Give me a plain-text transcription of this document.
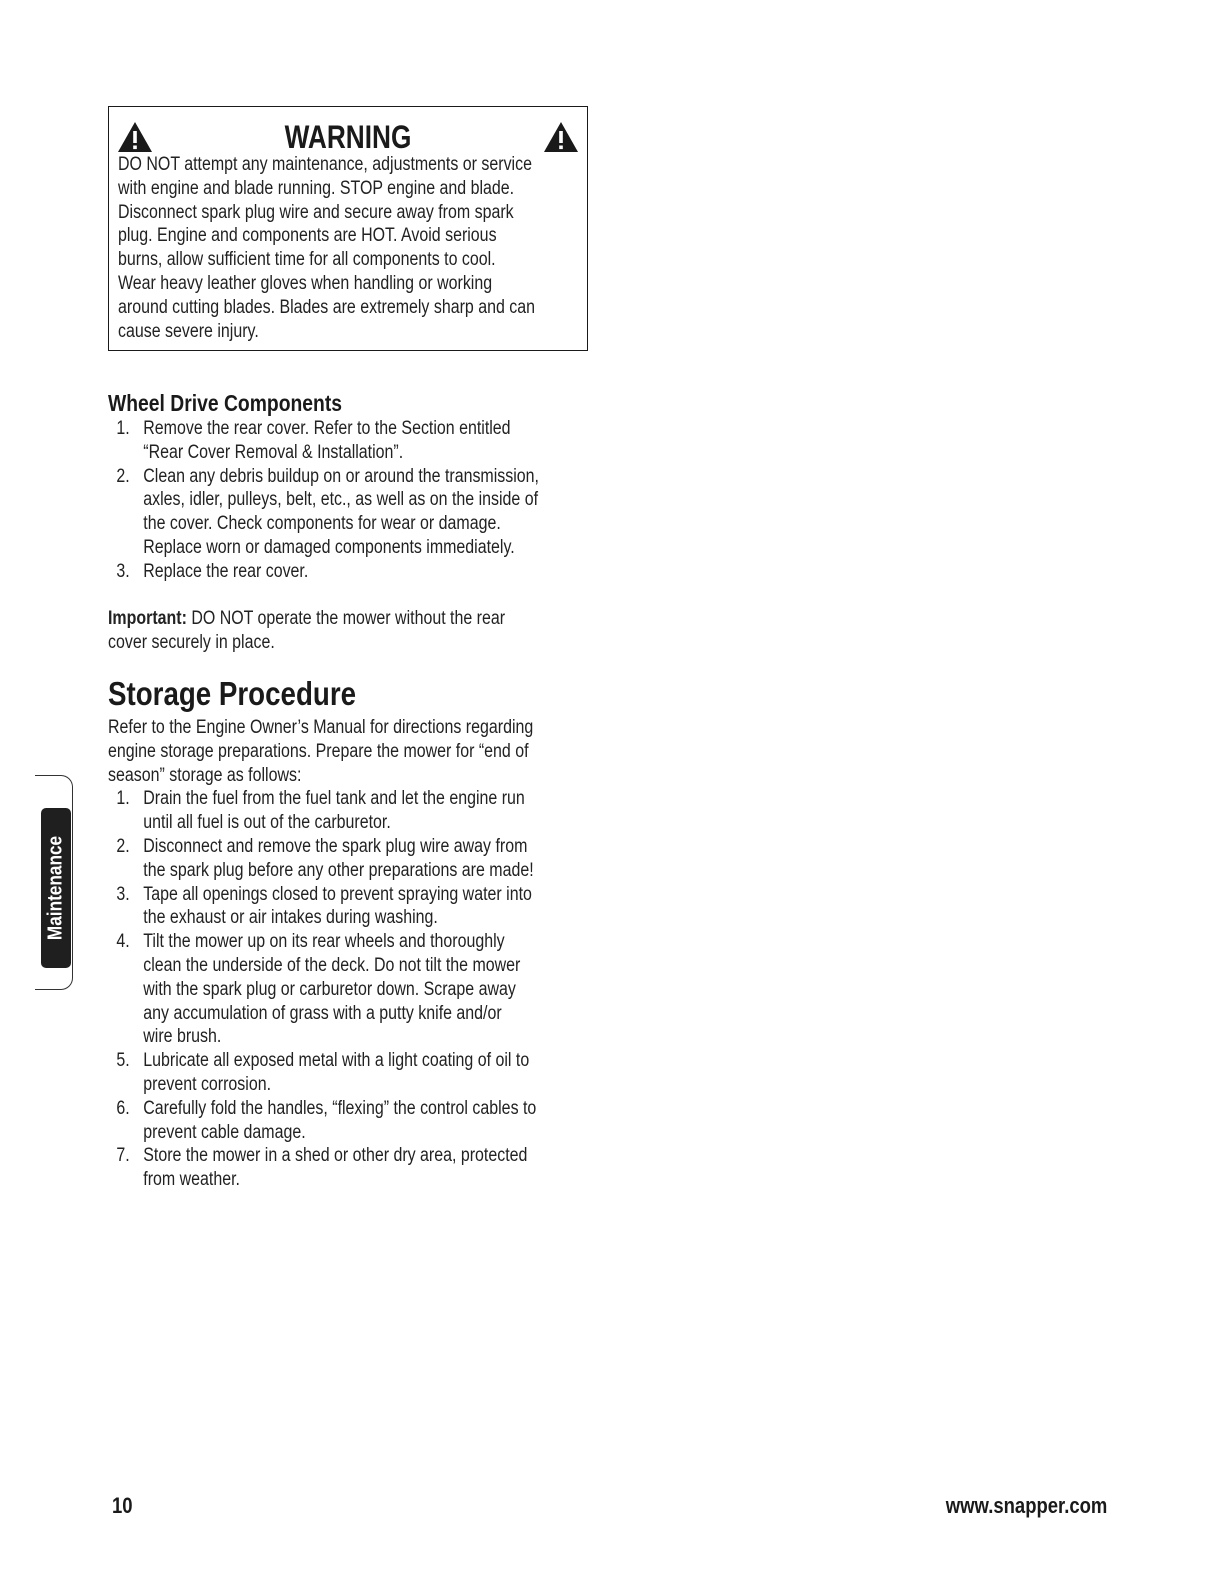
WARNING
DO NOT attempt any maintenance, adjustments or service
with engine and blade running. STOP engine and blade.
Disconnect spark plug wire and secure away from spark
plug. Engine and components are HOT. Avoid serious
burns, allow sufficient time for all components to cool.
Wear heavy leather gloves when handling or working
around cutting blades. Blades are extremely sharp and can
cause severe injury.
Wheel Drive Components
1. Remove the rear cover. Refer to the Section entitled
“Rear Cover Removal & Installation”.
2. Clean any debris buildup on or around the transmission,
axles, idler, pulleys, belt, etc., as well as on the inside of
the cover. Check components for wear or damage.
Replace worn or damaged components immediately.
3. Replace the rear cover.
Important: DO NOT operate the mower without the rear
cover securely in place.
Storage Procedure
Refer to the Engine Owner’s Manual for directions regarding
engine storage preparations. Prepare the mower for “end of
season” storage as follows:
1. Drain the fuel from the fuel tank and let the engine run
until all fuel is out of the carburetor.
2. Disconnect and remove the spark plug wire away from
the spark plug before any other preparations are made!
3. Tape all openings closed to prevent spraying water into
the exhaust or air intakes during washing.
4. Tilt the mower up on its rear wheels and thoroughly
clean the underside of the deck. Do not tilt the mower
with the spark plug or carburetor down. Scrape away
any accumulation of grass with a putty knife and/or
wire brush.
5. Lubricate all exposed metal with a light coating of oil to
prevent corrosion.
6. Carefully fold the handles, “flexing” the control cables to
prevent cable damage.
7. Store the mower in a shed or other dry area, protected
from weather.
Maintenance
10	www.snapper.com
